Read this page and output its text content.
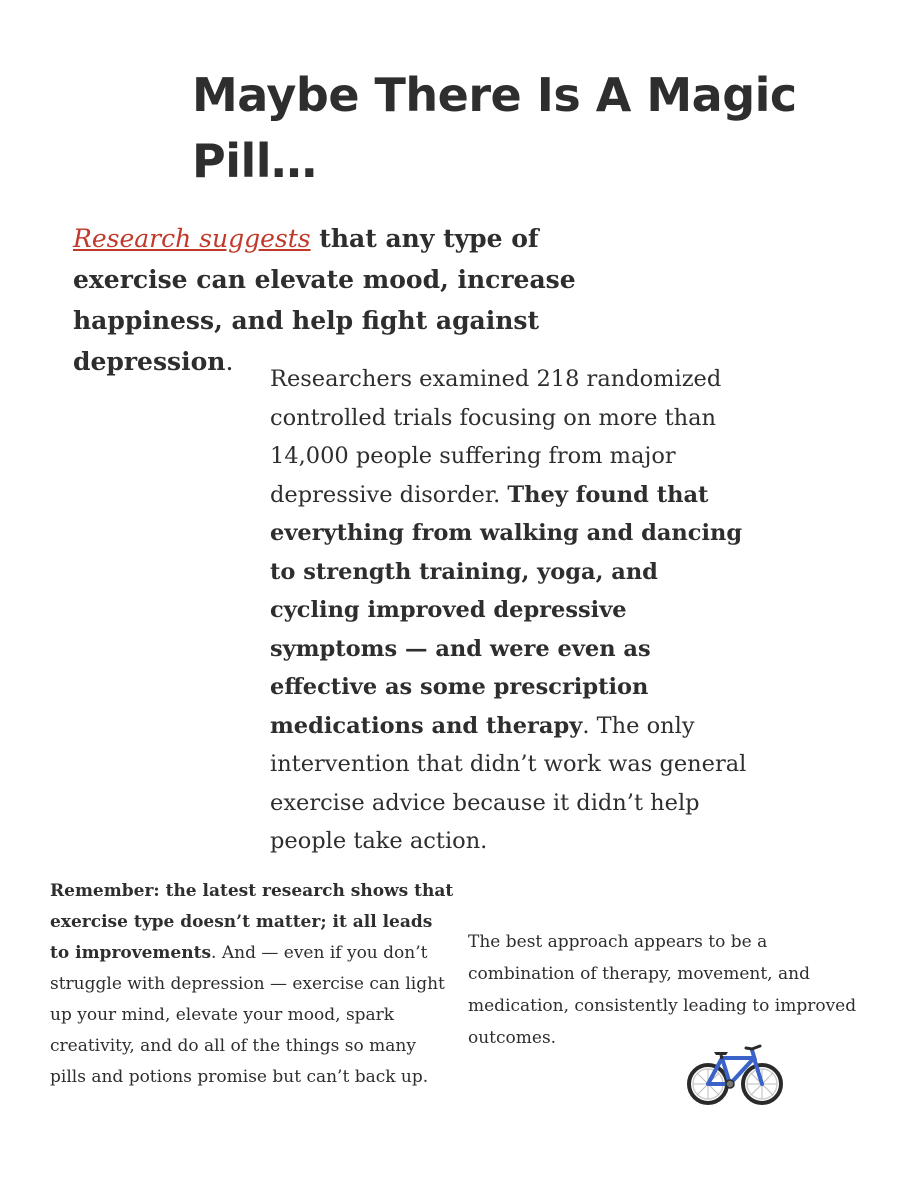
Maybe There Is A Magic Pill…

Research suggests that any type of exercise can elevate mood, increase happiness, and help fight against depression.

Researchers examined 218 randomized controlled trials focusing on more than 14,000 people suffering from major depressive disorder. They found that everything from walking and dancing to strength training, yoga, and cycling improved depressive symptoms — and were even as effective as some prescription medications and therapy. The only intervention that didn’t work was general exercise advice because it didn’t help people take action.

Remember: the latest research shows that exercise type doesn’t matter; it all leads to improvements. And — even if you don’t struggle with depression — exercise can light up your mind, elevate your mood, spark creativity, and do all of the things so many pills and potions promise but can’t back up.

The best approach appears to be a combination of therapy, movement, and medication, consistently leading to improved outcomes.
